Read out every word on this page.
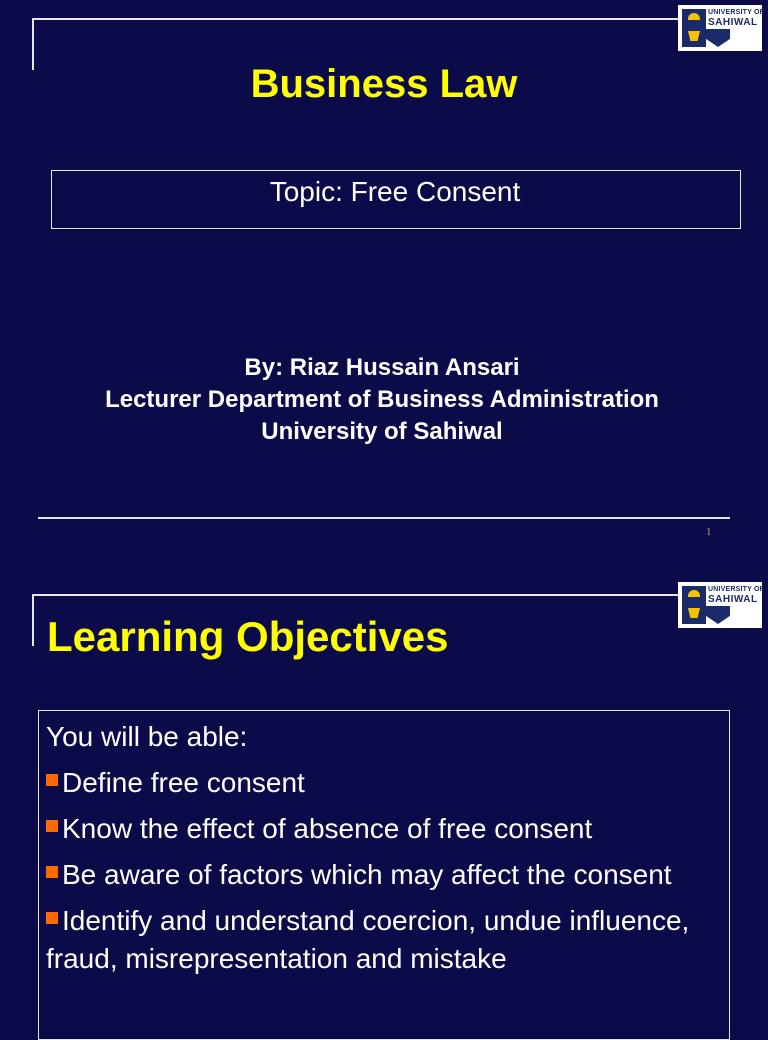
UNIVERSITY OF
SAHIWAL
Business Law
Topic: Free Consent
By: Riaz Hussain Ansari
Lecturer Department of Business Administration
University of Sahiwal
1
UNIVERSITY OF
SAHIWAL
Learning Objectives
You will be able:
Define free consent
Know the effect of absence of free consent
Be aware of factors which may affect the consent
Identify and understand coercion, undue influence, fraud, misrepresentation and mistake
